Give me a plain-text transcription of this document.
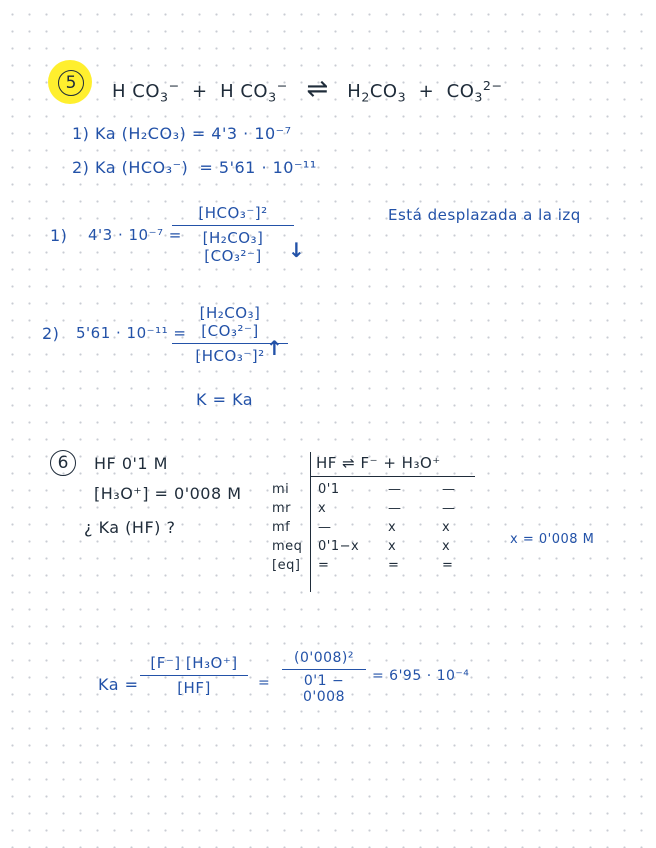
5	H $CO_3^- + H$ $CO_3^-$ ⇌ $H_2CO_3 + CO_3^{2-}$
1) Ka (H₂CO₃) = 4'3 · 10⁻⁷
2) Ka (HCO₃⁻) = 5'61 · 10⁻¹¹
1) 4'3 · 10⁻⁷ =
[HCO₃⁻]²
[H₂CO₃] [CO₃²⁻]	↓
Está desplazada a la izq
2) 5'61 · 10⁻¹¹ =
[H₂CO₃] [CO₃²⁻]
[HCO₃⁻]² ↑
K = Ka
6	HF 0'1 M
[H₃O⁺] = 0'008 M
¿ Ka (HF) ?
HF ⇌ F⁻ + H₃O⁺
mi 0'1	—	—
mr x	—	—
mf —	x	x
meq 0'1−x x	x
[eq] =	=	=
x = 0'008 M
Ka =
[F⁻] [H₃O⁺]
[HF]	=
(0'008)²
0'1 − 0'008
= 6'95 · 10⁻⁴
